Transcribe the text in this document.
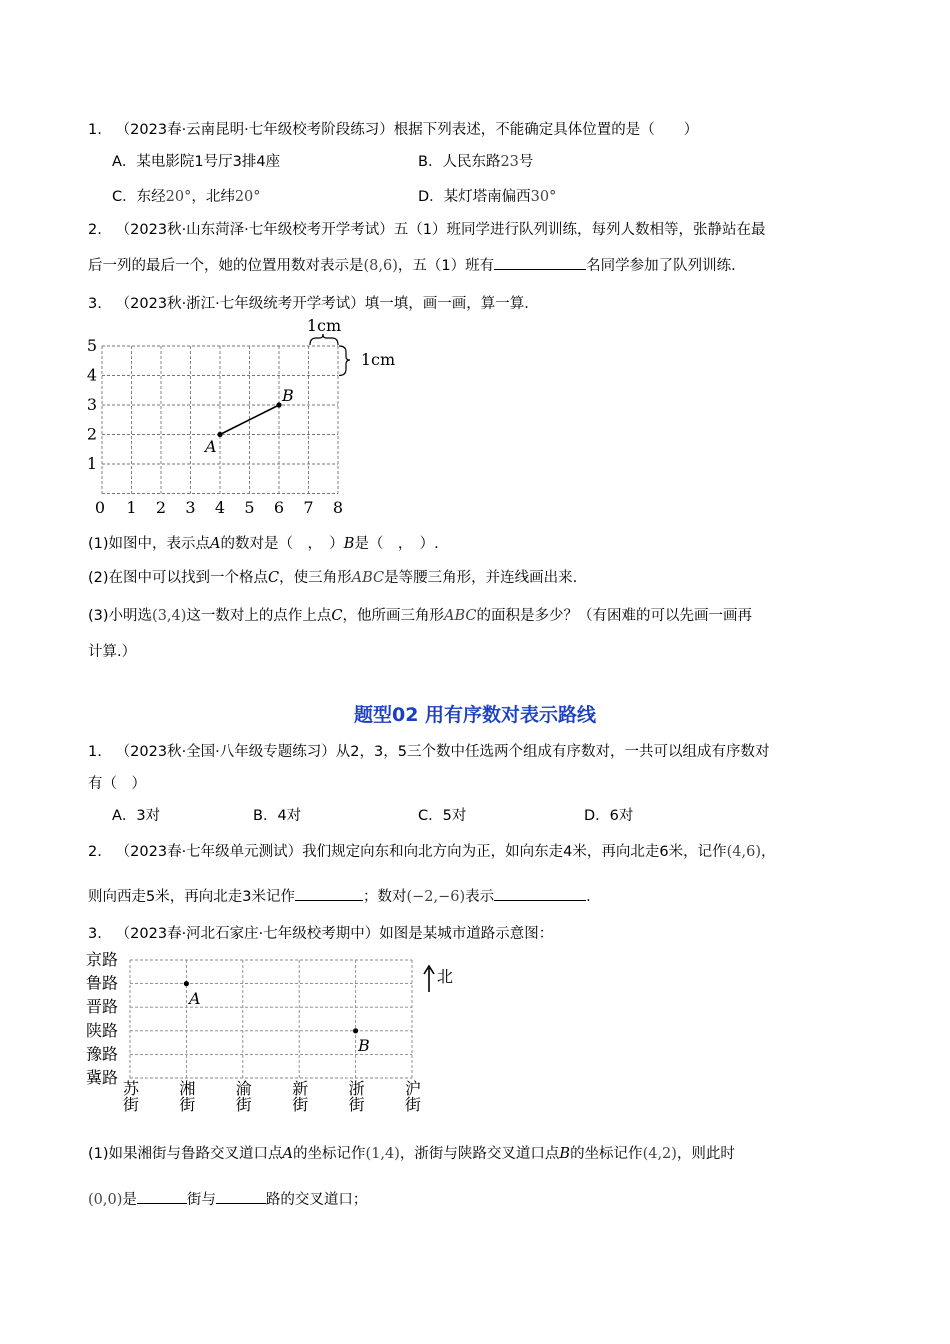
1. （2023春·云南昆明·七年级校考阶段练习）根据下列表述，不能确定具体位置的是（　　）
A．某电影院1号厅3排4座	B．人民东路23号
C．东经20°，北纬20°	D．某灯塔南偏西30°
2. （2023秋·山东菏泽·七年级校考开学考试）五（1）班同学进行队列训练，每列人数相等，张静站在最
后一列的最后一个，她的位置用数对表示是(8,6)，五（1）班有	名同学参加了队列训练.
3. （2023秋·浙江·七年级统考开学考试）填一填，画一画，算一算.
5
4
3
2
1
0 1 2 3 4 5 6 7 8
1cm
1cm
A
B
(1)如图中，表示点A的数对是（　，　）B是（　，　）.
(2)在图中可以找到一个格点C，使三角形ABC是等腰三角形，并连线画出来.
(3)小明选(3,4)这一数对上的点作上点C，他所画三角形ABC的面积是多少？（有困难的可以先画一画再
计算.）
题型02 用有序数对表示路线
1. （2023秋·全国·八年级专题练习）从2，3，5三个数中任选两个组成有序数对，一共可以组成有序数对
有（　）
A．3对	B．4对	C．5对	D．6对
2. （2023春·七年级单元测试）我们规定向东和向北方向为正，如向东走4米，再向北走6米，记作(4,6)，
则向西走5米，再向北走3米记作	；数对(−2,−6)表示	.
3. （2023春·河北石家庄·七年级校考期中）如图是某城市道路示意图：
京路
鲁路
晋路
陕路
豫路
冀路
苏街 湘街 渝街 新街 浙街 沪街
北
A
B
(1)如果湘街与鲁路交叉道口点A的坐标记作(1,4)，浙街与陕路交叉道口点B的坐标记作(4,2)，则此时
(0,0)是	街与	路的交叉道口；
